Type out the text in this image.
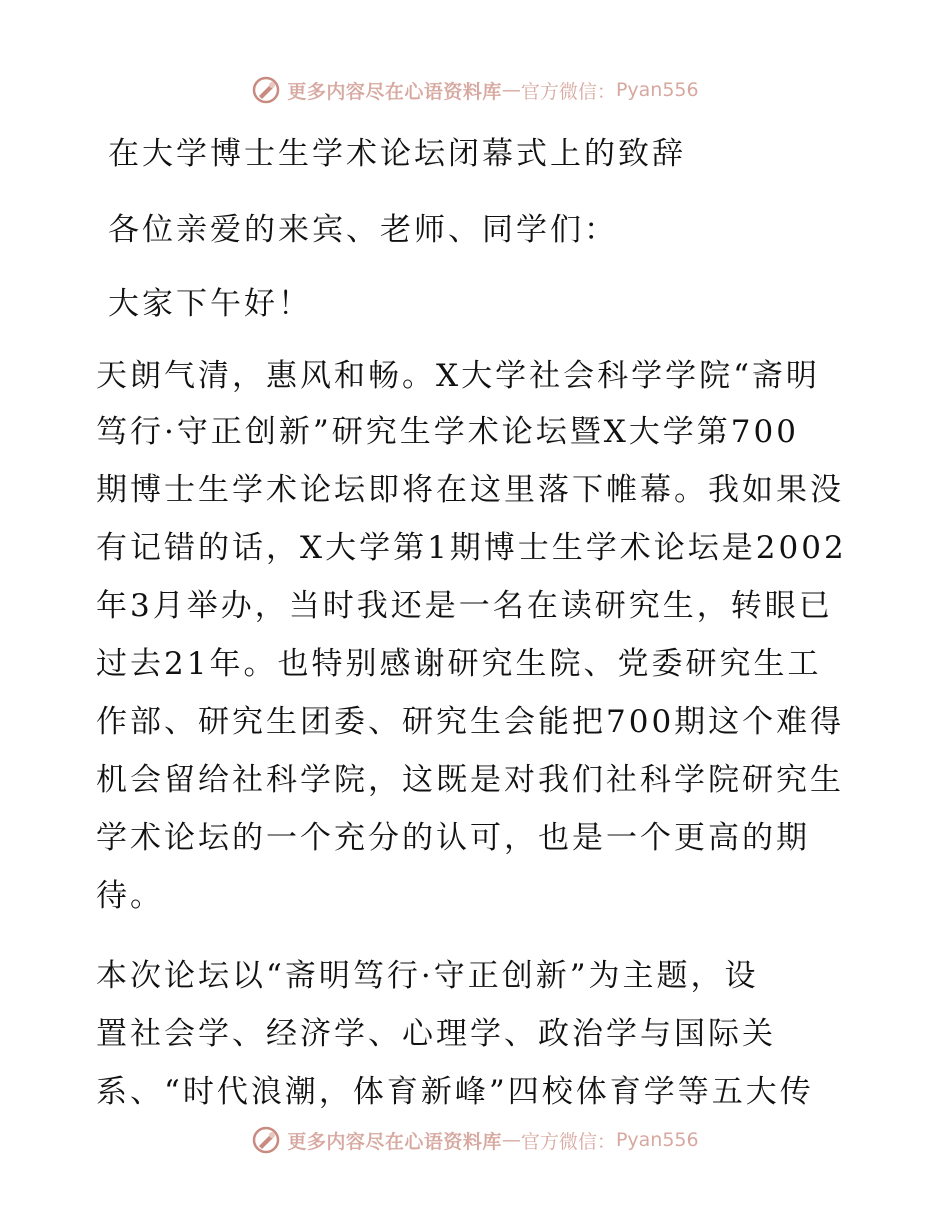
更多内容尽在心语资料库 — 官方微信： Pyan556
在大学博士生学术论坛闭幕式上的致辞
各位亲爱的来宾、老师、同学们：
大家下午好！
天朗气清，惠风和畅。X大学社会科学学院“斋明
笃行·守正创新”研究生学术论坛暨X大学第700
期博士生学术论坛即将在这里落下帷幕。我如果没
有记错的话，X大学第1期博士生学术论坛是2002
年3月举办，当时我还是一名在读研究生，转眼已
过去21年。也特别感谢研究生院、党委研究生工
作部、研究生团委、研究生会能把700期这个难得
机会留给社科学院，这既是对我们社科学院研究生
学术论坛的一个充分的认可，也是一个更高的期
待。
本次论坛以“斋明笃行·守正创新”为主题，设
置社会学、经济学、心理学、政治学与国际关
系、“时代浪潮，体育新峰”四校体育学等五大传
更多内容尽在心语资料库 — 官方微信： Pyan556
